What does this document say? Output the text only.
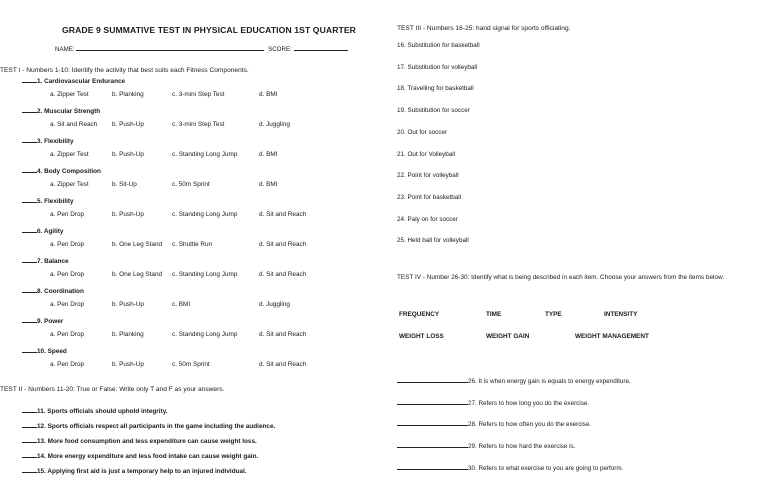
GRADE 9 SUMMATIVE TEST IN PHYSICAL EDUCATION 1ST QUARTER
NAME:	SCORE:
TEST I - Numbers 1-10: Identify the activity that best suits each Fitness Components.
1. Cardiovascular Endurance
a. Zipper Test	b. Planking	c. 3-mini Step Test	d. BMI
2. Muscular Strength
a. Sit and Reach b. Push-Up	c. 3-mini Step Test	d. Juggling
3. Flexibility
a. Zipper Test	b. Push-Up	c. Standing Long Jump	d. BMI
4. Body Composition
a. Zipper Test	b. Sit-Up	c. 50m Sprint	d. BMI
5. Flexibility
a. Pen Drop	b. Push-Up	c. Standing Long Jump	d. Sit and Reach
6. Agility
a. Pen Drop	b. One Leg Stand c. Shuttle Run	d. Sit and Reach
7. Balance
a. Pen Drop	b. One Leg Stand c. Standing Long Jump	d. Sit and Reach
8. Coordination
a. Pen Drop	b. Push-Up	c. BMI	d. Juggling
9. Power
a. Pen Drop	b. Planking	c. Standing Long Jump	d. Sit and Reach
10. Speed
a. Pen Drop	b. Push-Up	c. 50m Sprint	d. Sit and Reach
TEST II - Numbers 11-20: True or False: Write only T and F as your answers.
11. Sports officials should uphold integrity.
12. Sports officials respect all participants in the game including the audience.
13. More food consumption and less expenditure can cause weight loss.
14. More energy expenditure and less food intake can cause weight gain.
15. Applying first aid is just a temporary help to an injured individual.
TEST III - Numbers 16-25: hand signal for sports officiating.
16. Substitution for basketball
17. Substitution for volleyball
18. Travelling for basketball
19. Substitution for soccer
20. Out for soccer
21. Out for Volleyball
22. Point for volleyball
23. Point for basketball
24. Paly on for soccer
25. Held ball for volleyball
TEST IV - Number 26-30: Identify what is being described in each item. Choose your answers from the items below.
FREQUENCY	TIME	TYPE	INTENSITY
WEIGHT LOSS	WEIGHT GAIN	WEIGHT MANAGEMENT
26. It is when energy gain is equals to energy expenditure.
27. Refers to how long you do the exercise.
28. Refers to how often you do the exercise.
29. Refers to how hard the exercise is.
30. Refers to what exercise to you are going to perform.
